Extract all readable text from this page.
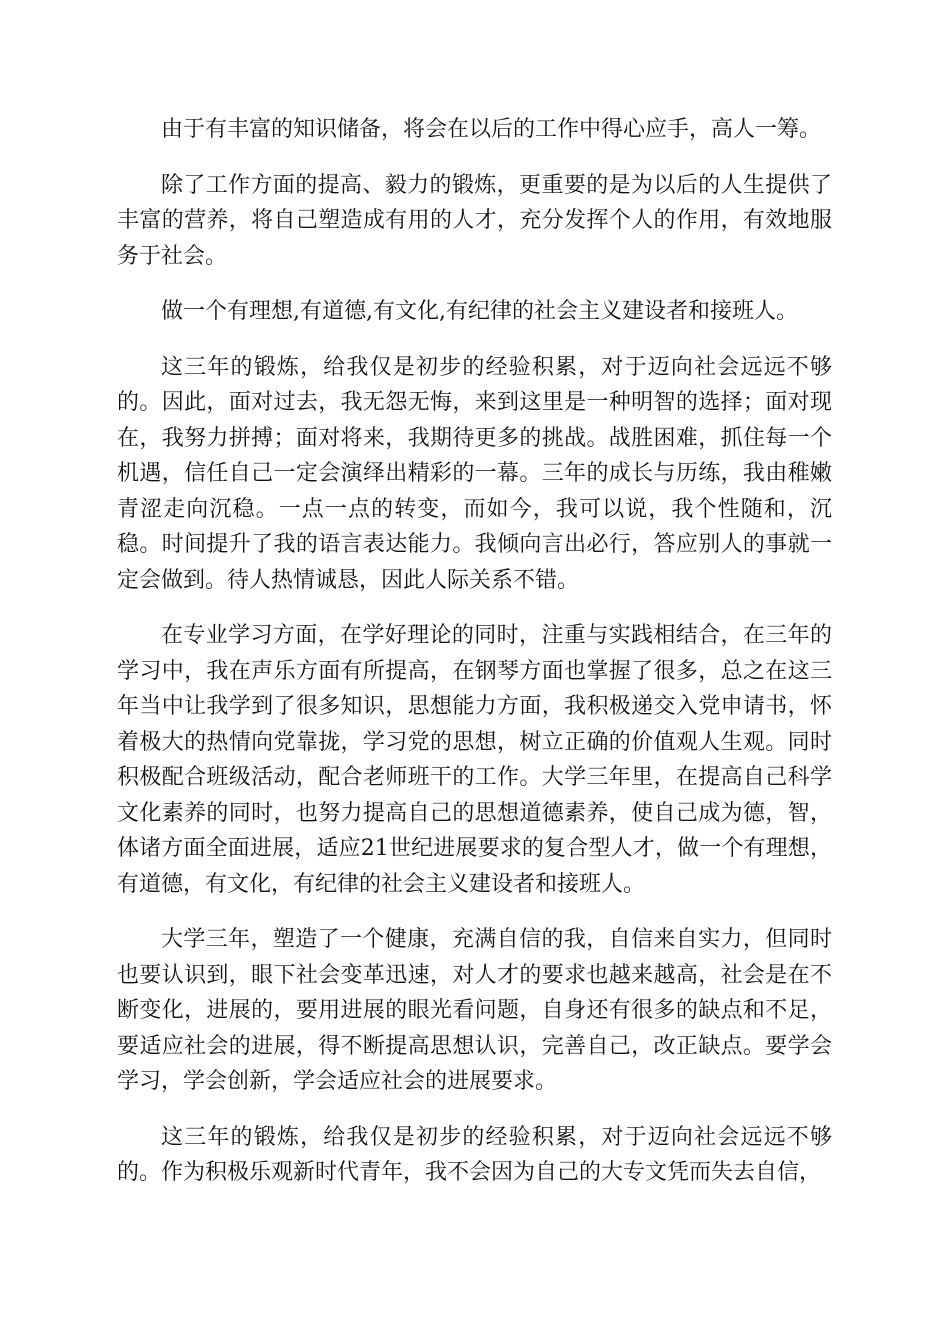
由于有丰富的知识储备，将会在以后的工作中得心应手，高人一筹。

除了工作方面的提高、毅力的锻炼，更重要的是为以后的人生提供了丰富的营养，将自己塑造成有用的人才，充分发挥个人的作用，有效地服务于社会。

做一个有理想,有道德,有文化,有纪律的社会主义建设者和接班人。

这三年的锻炼，给我仅是初步的经验积累，对于迈向社会远远不够的。因此，面对过去，我无怨无悔，来到这里是一种明智的选择；面对现在，我努力拼搏；面对将来，我期待更多的挑战。战胜困难，抓住每一个机遇，信任自己一定会演绎出精彩的一幕。三年的成长与历练，我由稚嫩青涩走向沉稳。一点一点的转变，而如今，我可以说，我个性随和，沉稳。时间提升了我的语言表达能力。我倾向言出必行，答应别人的事就一定会做到。待人热情诚恳，因此人际关系不错。

在专业学习方面，在学好理论的同时，注重与实践相结合，在三年的学习中，我在声乐方面有所提高，在钢琴方面也掌握了很多，总之在这三年当中让我学到了很多知识，思想能力方面，我积极递交入党申请书，怀着极大的热情向党靠拢，学习党的思想，树立正确的价值观人生观。同时积极配合班级活动，配合老师班干的工作。大学三年里，在提高自己科学文化素养的同时，也努力提高自己的思想道德素养，使自己成为德，智，体诸方面全面进展，适应21世纪进展要求的复合型人才，做一个有理想，有道德，有文化，有纪律的社会主义建设者和接班人。

大学三年，塑造了一个健康，充满自信的我，自信来自实力，但同时也要认识到，眼下社会变革迅速，对人才的要求也越来越高，社会是在不断变化，进展的，要用进展的眼光看问题，自身还有很多的缺点和不足，要适应社会的进展，得不断提高思想认识，完善自己，改正缺点。要学会学习，学会创新，学会适应社会的进展要求。

这三年的锻炼，给我仅是初步的经验积累，对于迈向社会远远不够的。作为积极乐观新时代青年，我不会因为自己的大专文凭而失去自信，
